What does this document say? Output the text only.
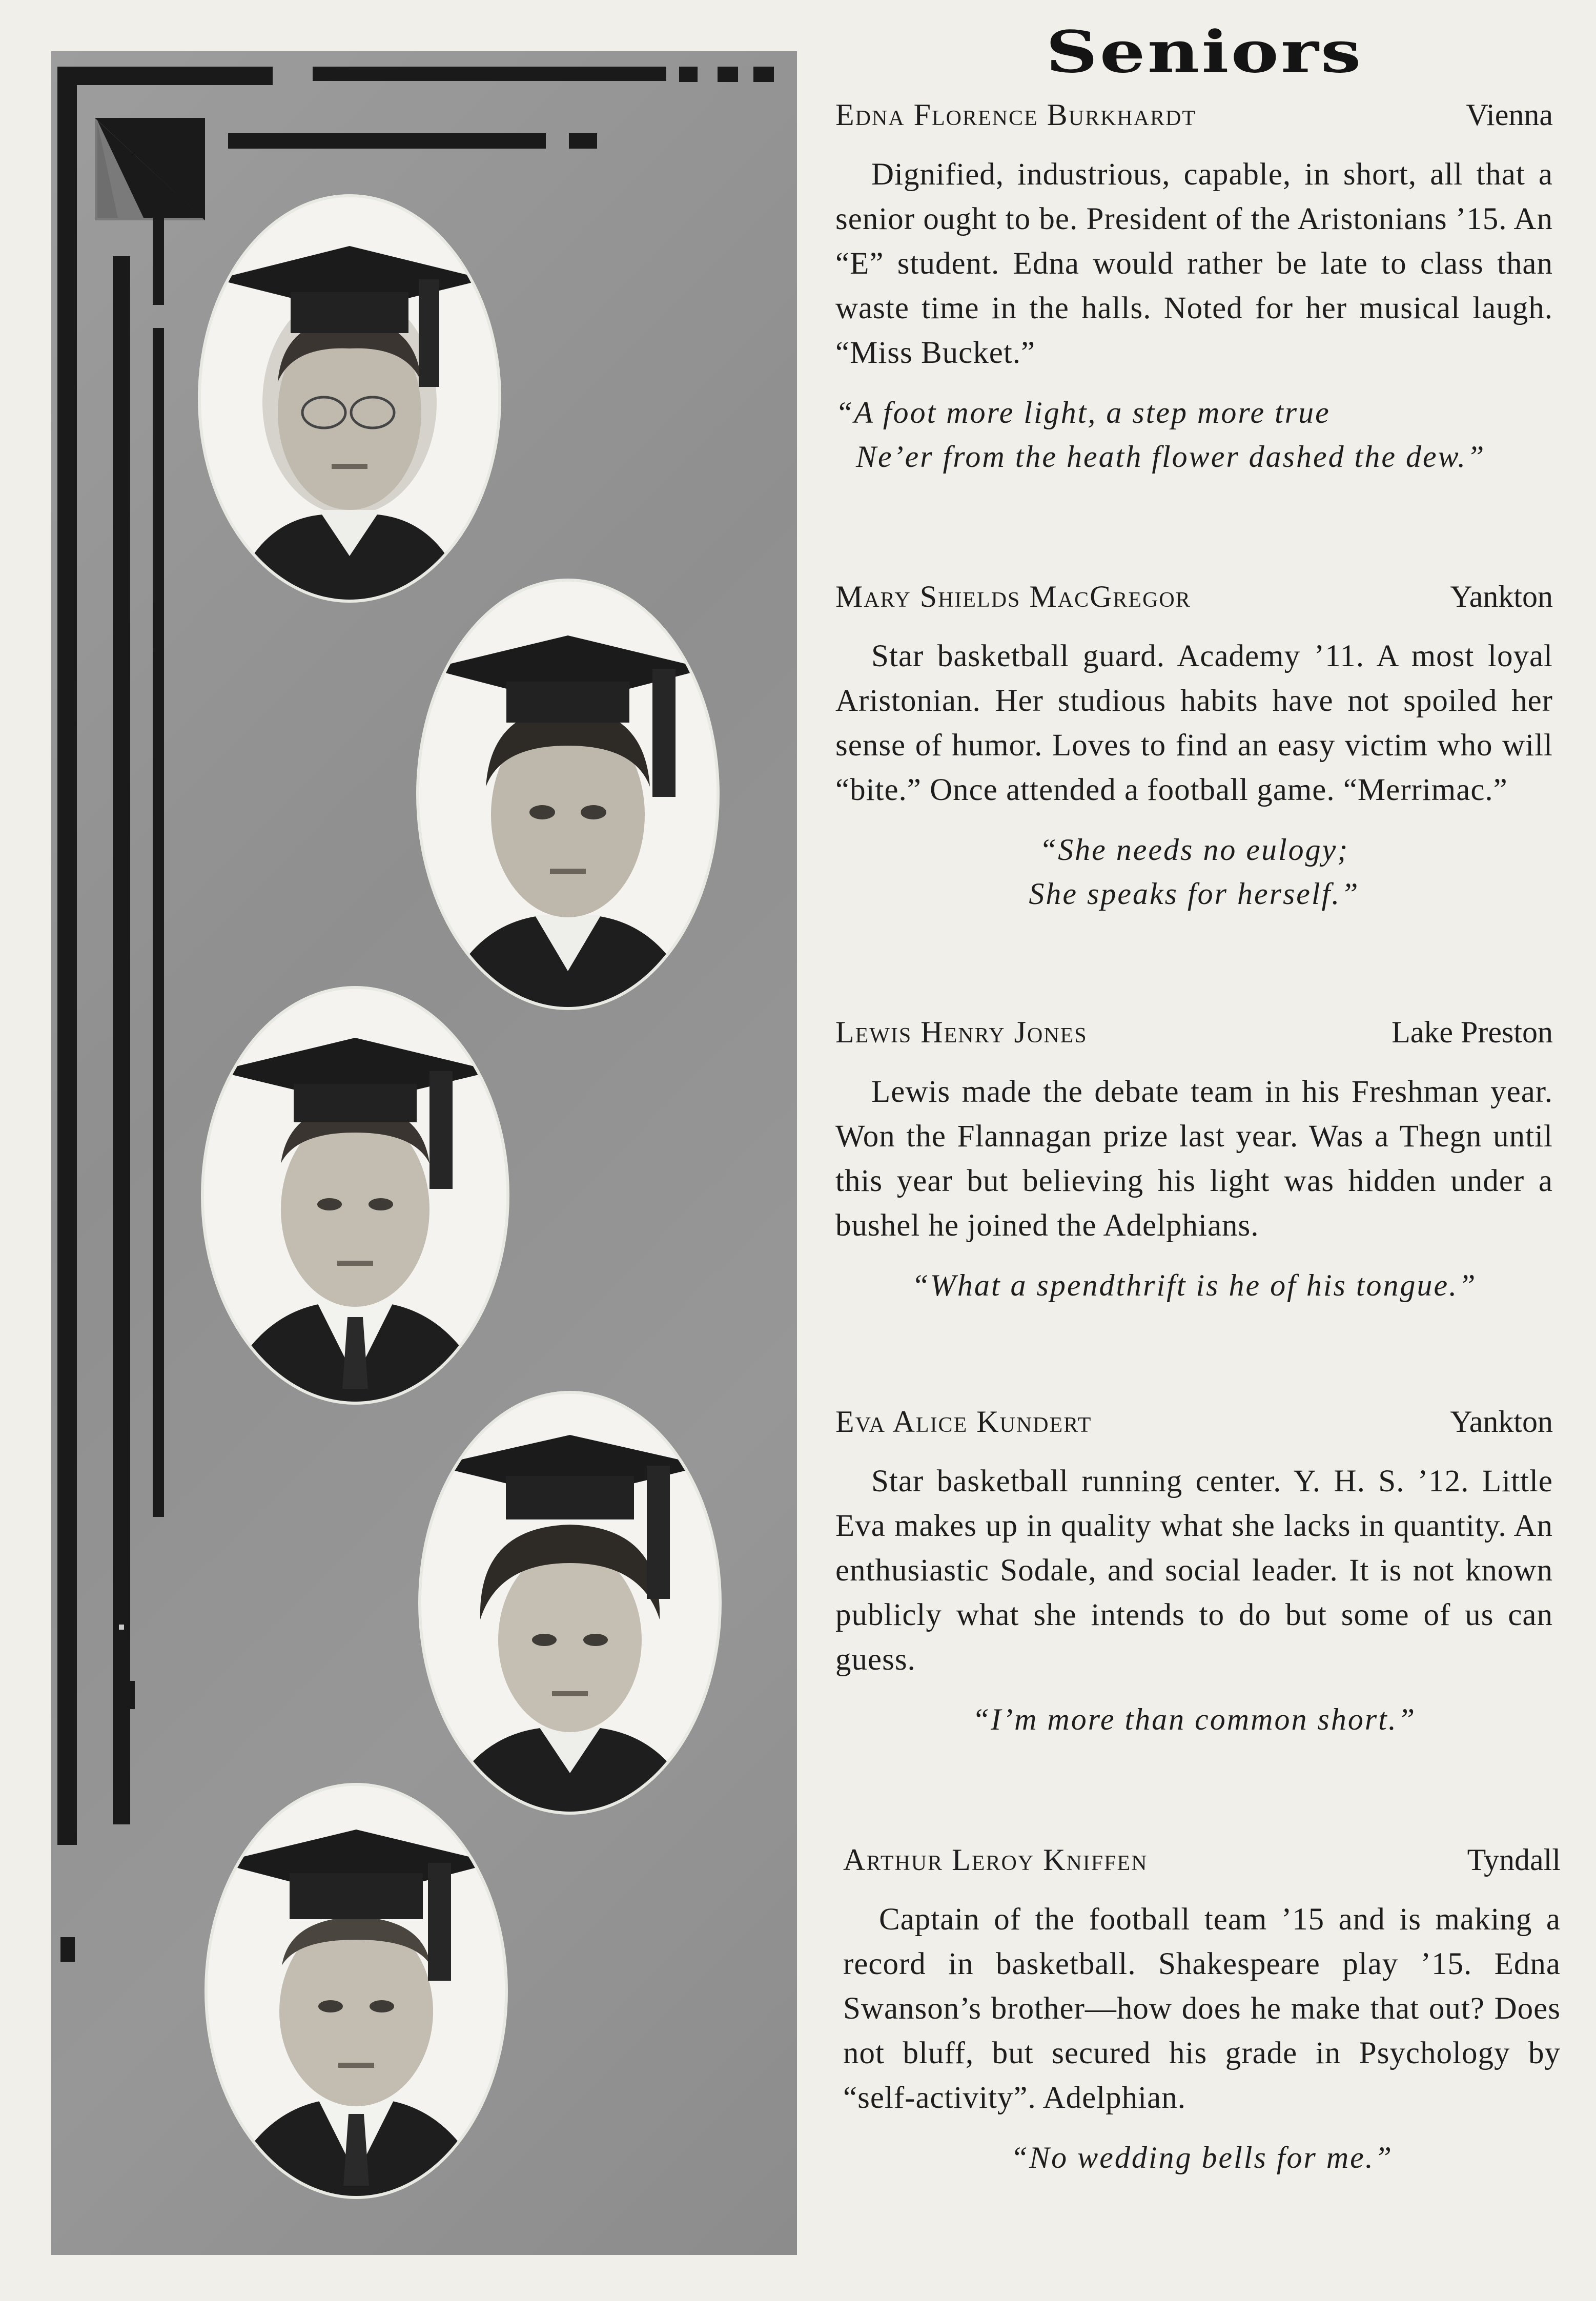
Seniors
Edna Florence Burkhardt	Vienna

Dignified, industrious, capable, in short, all that a senior ought to be. President of the Aristonians ’15. An “E” student. Edna would rather be late to class than waste time in the halls. Noted for her musical laugh. “Miss Bucket.”

“A foot more light, a step more true
Ne’er from the heath flower dashed the dew.”
Mary Shields MacGregor	Yankton

Star basketball guard. Academy ’11. A most loyal Aristonian. Her studious habits have not spoiled her sense of humor. Loves to find an easy victim who will “bite.” Once attended a football game. “Merrimac.”

“She needs no eulogy;
She speaks for herself.”
Lewis Henry Jones	Lake Preston

Lewis made the debate team in his Freshman year. Won the Flannagan prize last year. Was a Thegn until this year but believing his light was hidden under a bushel he joined the Adelphians.

“What a spendthrift is he of his tongue.”
Eva Alice Kundert	Yankton

Star basketball running center. Y. H. S. ’12. Little Eva makes up in quality what she lacks in quantity. An enthusiastic Sodale, and social leader. It is not known publicly what she intends to do but some of us can guess.

“I’m more than common short.”
Arthur Leroy Kniffen	Tyndall

Captain of the football team ’15 and is making a record in basketball. Shakespeare play ’15. Edna Swanson’s brother—how does he make that out? Does not bluff, but secured his grade in Psychology by “self-activity”. Adelphian.

“No wedding bells for me.”
